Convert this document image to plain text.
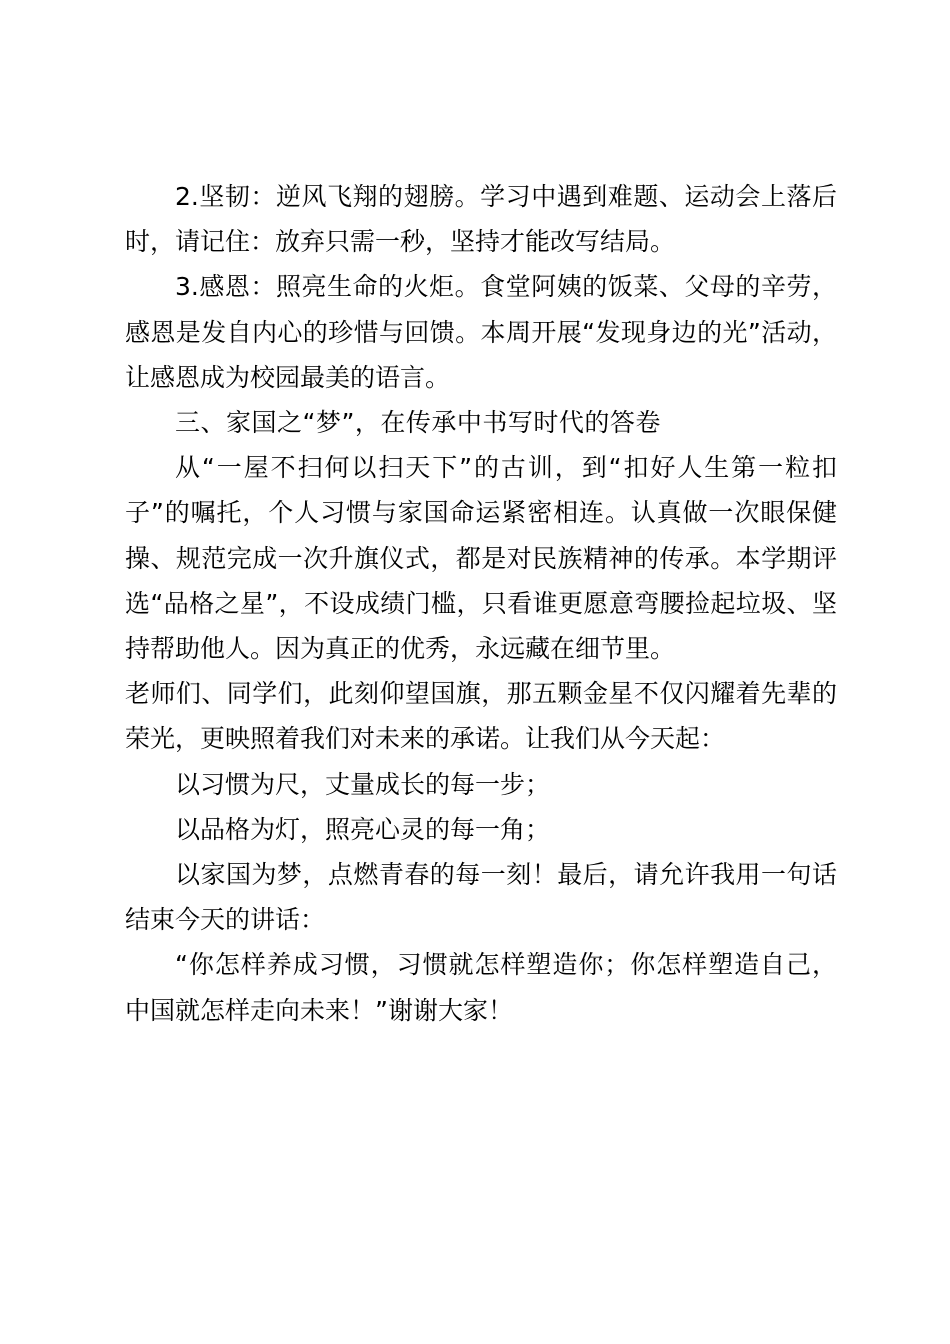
2.坚韧：逆风飞翔的翅膀。学习中遇到难题、运动会上落后时，请记住：放弃只需一秒，坚持才能改写结局。

3.感恩：照亮生命的火炬。食堂阿姨的饭菜、父母的辛劳，感恩是发自内心的珍惜与回馈。本周开展“发现身边的光”活动，让感恩成为校园最美的语言。

三、家国之“梦”，在传承中书写时代的答卷

从“一屋不扫何以扫天下”的古训，到“扣好人生第一粒扣子”的嘱托，个人习惯与家国命运紧密相连。认真做一次眼保健操、规范完成一次升旗仪式，都是对民族精神的传承。本学期评选“品格之星”，不设成绩门槛，只看谁更愿意弯腰捡起垃圾、坚持帮助他人。因为真正的优秀，永远藏在细节里。

老师们、同学们，此刻仰望国旗，那五颗金星不仅闪耀着先辈的荣光，更映照着我们对未来的承诺。让我们从今天起：

以习惯为尺，丈量成长的每一步；

以品格为灯，照亮心灵的每一角；

以家国为梦，点燃青春的每一刻！最后，请允许我用一句话结束今天的讲话：

“你怎样养成习惯，习惯就怎样塑造你；你怎样塑造自己，中国就怎样走向未来！”谢谢大家！
